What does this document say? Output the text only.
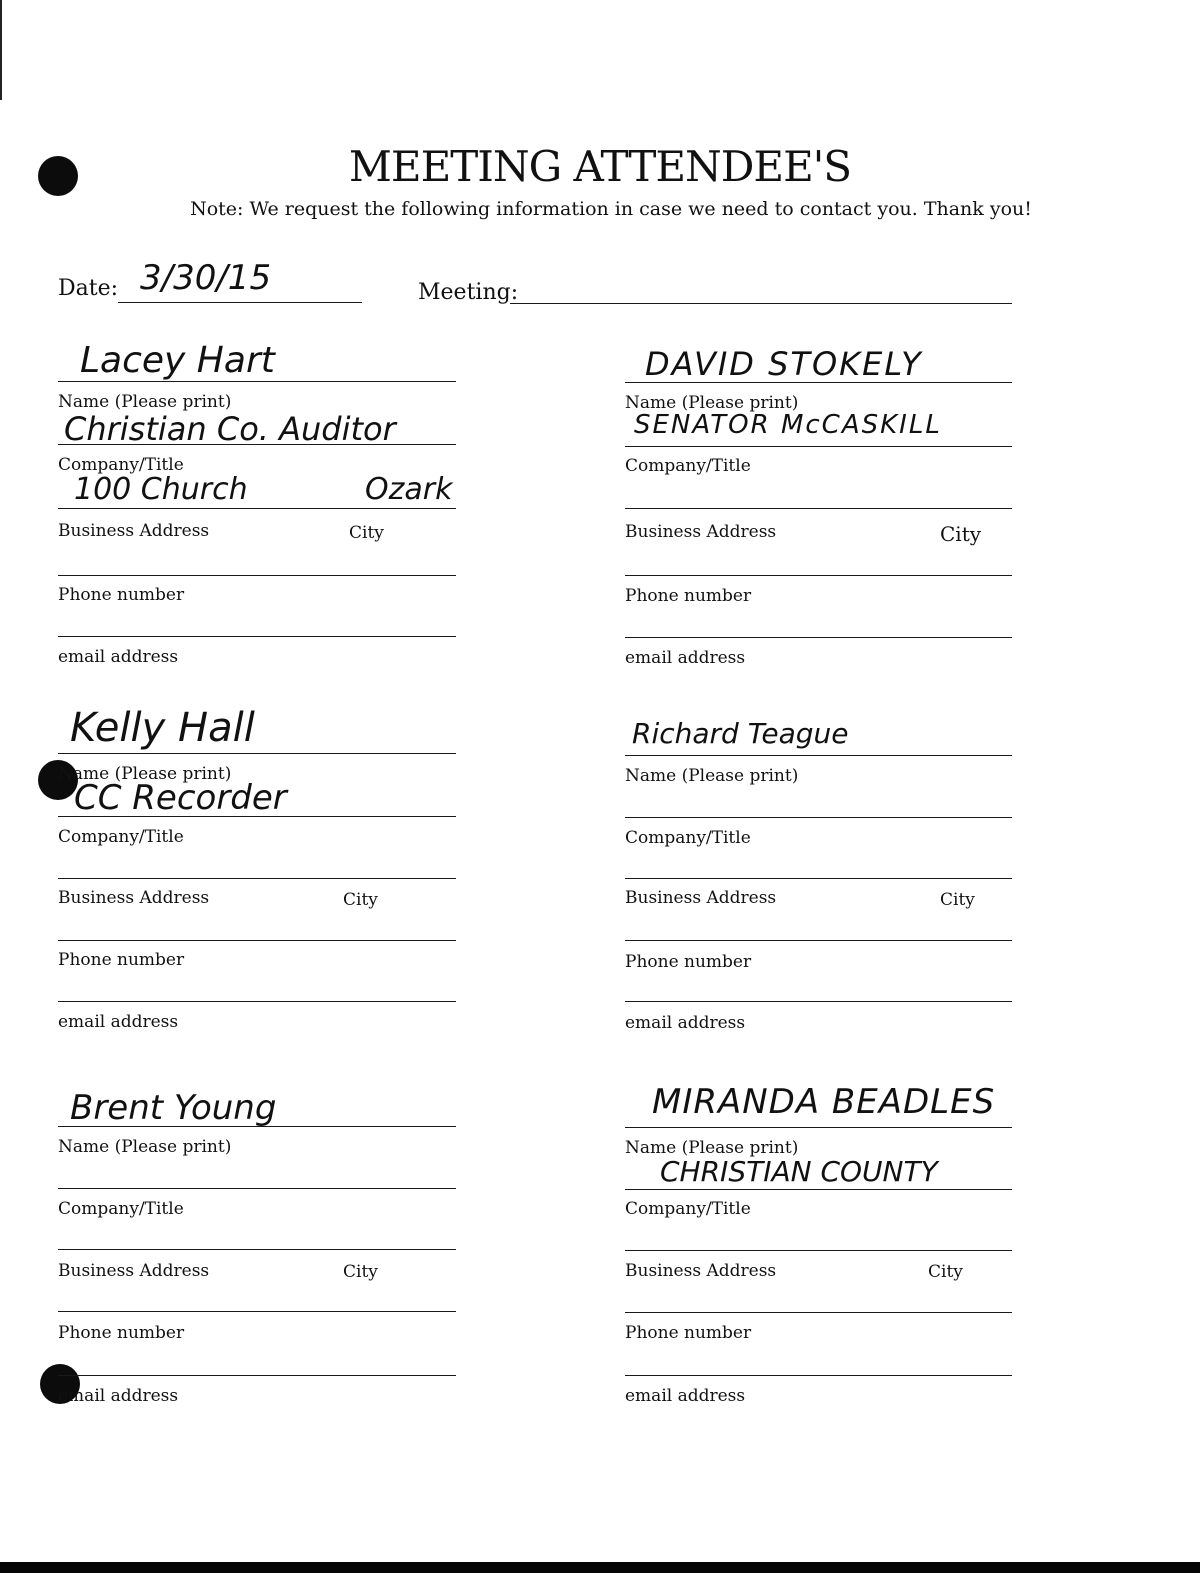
MEETING ATTENDEE'S
Note: We request the following information in case we need to contact you. Thank you!
Date: 3/30/15	Meeting:
Lacey Hart
Name (Please print)
Christian Co. Auditor
Company/Title
100 Church	Ozark
Business Address	City
Phone number
email address
DAVID STOKELY
Name (Please print)
SENATOR McCASKILL
Company/Title
Business Address	City
Phone number
email address
Kelly Hall
Name (Please print)
CC Recorder
Company/Title
Business Address	City
Phone number
email address
Richard Teague
Name (Please print)
Company/Title
Business Address	City
Phone number
email address
Brent Young
Name (Please print)
Company/Title
Business Address	City
Phone number
email address
MIRANDA BEADLES
Name (Please print)
CHRISTIAN COUNTY
Company/Title
Business Address	City
Phone number
email address
